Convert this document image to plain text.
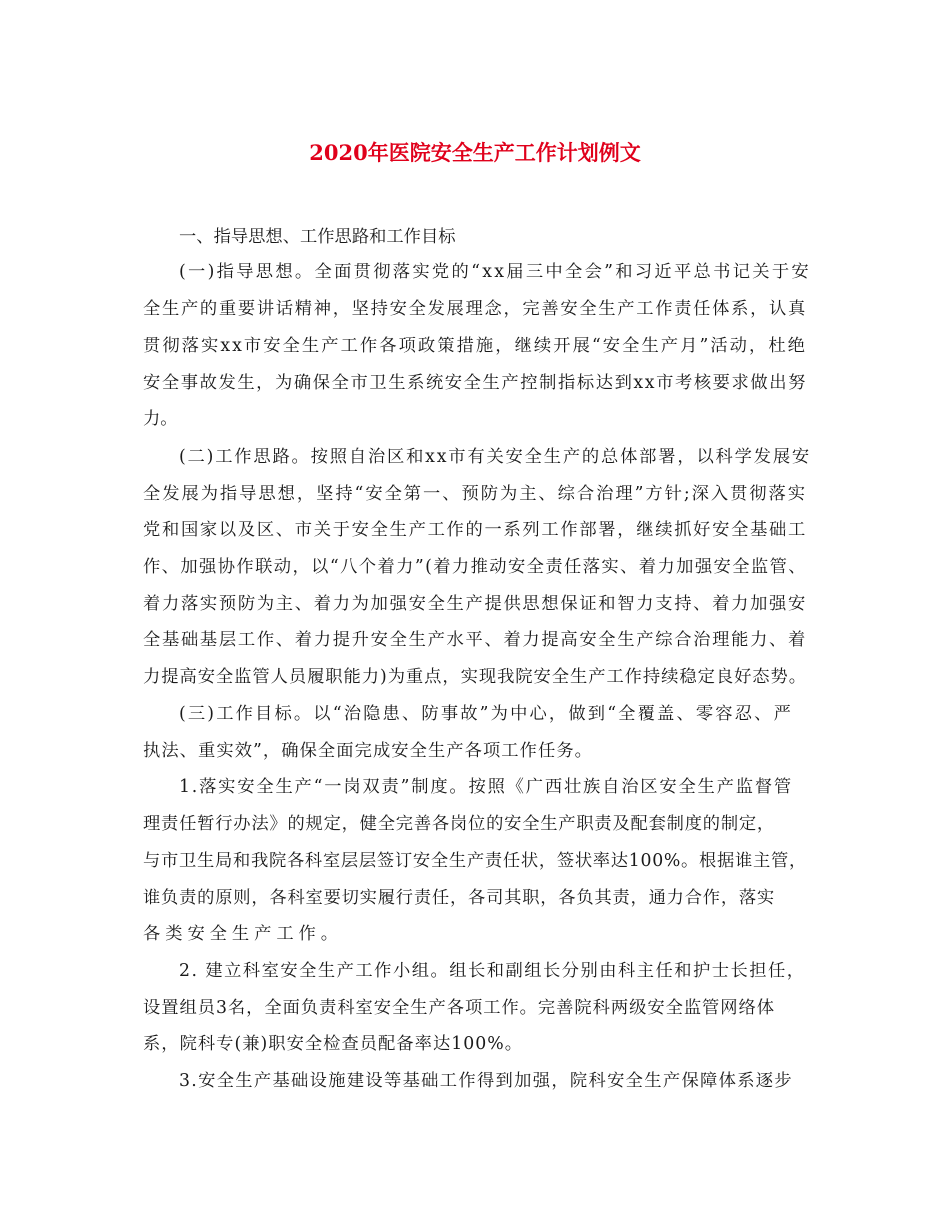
2020年医院安全生产工作计划例文
一、指导思想、工作思路和工作目标
(一)指导思想。全面贯彻落实党的“xx届三中全会”和习近平总书记关于安
全生产的重要讲话精神，坚持安全发展理念，完善安全生产工作责任体系，认真
贯彻落实xx市安全生产工作各项政策措施，继续开展“安全生产月”活动，杜绝
安全事故发生，为确保全市卫生系统安全生产控制指标达到xx市考核要求做出努
力。
(二)工作思路。按照自治区和xx市有关安全生产的总体部署，以科学发展安
全发展为指导思想，坚持“安全第一、预防为主、综合治理”方针;深入贯彻落实
党和国家以及区、市关于安全生产工作的一系列工作部署，继续抓好安全基础工
作、加强协作联动，以“八个着力”(着力推动安全责任落实、着力加强安全监管、
着力落实预防为主、着力为加强安全生产提供思想保证和智力支持、着力加强安
全基础基层工作、着力提升安全生产水平、着力提高安全生产综合治理能力、着
力提高安全监管人员履职能力)为重点，实现我院安全生产工作持续稳定良好态势。
(三)工作目标。以“治隐患、防事故”为中心，做到“全覆盖、零容忍、严
执法、重实效”，确保全面完成安全生产各项工作任务。
1.落实安全生产“一岗双责”制度。按照《广西壮族自治区安全生产监督管
理责任暂行办法》的规定，健全完善各岗位的安全生产职责及配套制度的制定，
与市卫生局和我院各科室层层签订安全生产责任状，签状率达100%。根据谁主管，
谁负责的原则，各科室要切实履行责任，各司其职，各负其责，通力合作，落实
各类安全生产工作。
2. 建立科室安全生产工作小组。组长和副组长分别由科主任和护士长担任，
设置组员3名，全面负责科室安全生产各项工作。完善院科两级安全监管网络体
系，院科专(兼)职安全检查员配备率达100%。
3.安全生产基础设施建设等基础工作得到加强，院科安全生产保障体系逐步
